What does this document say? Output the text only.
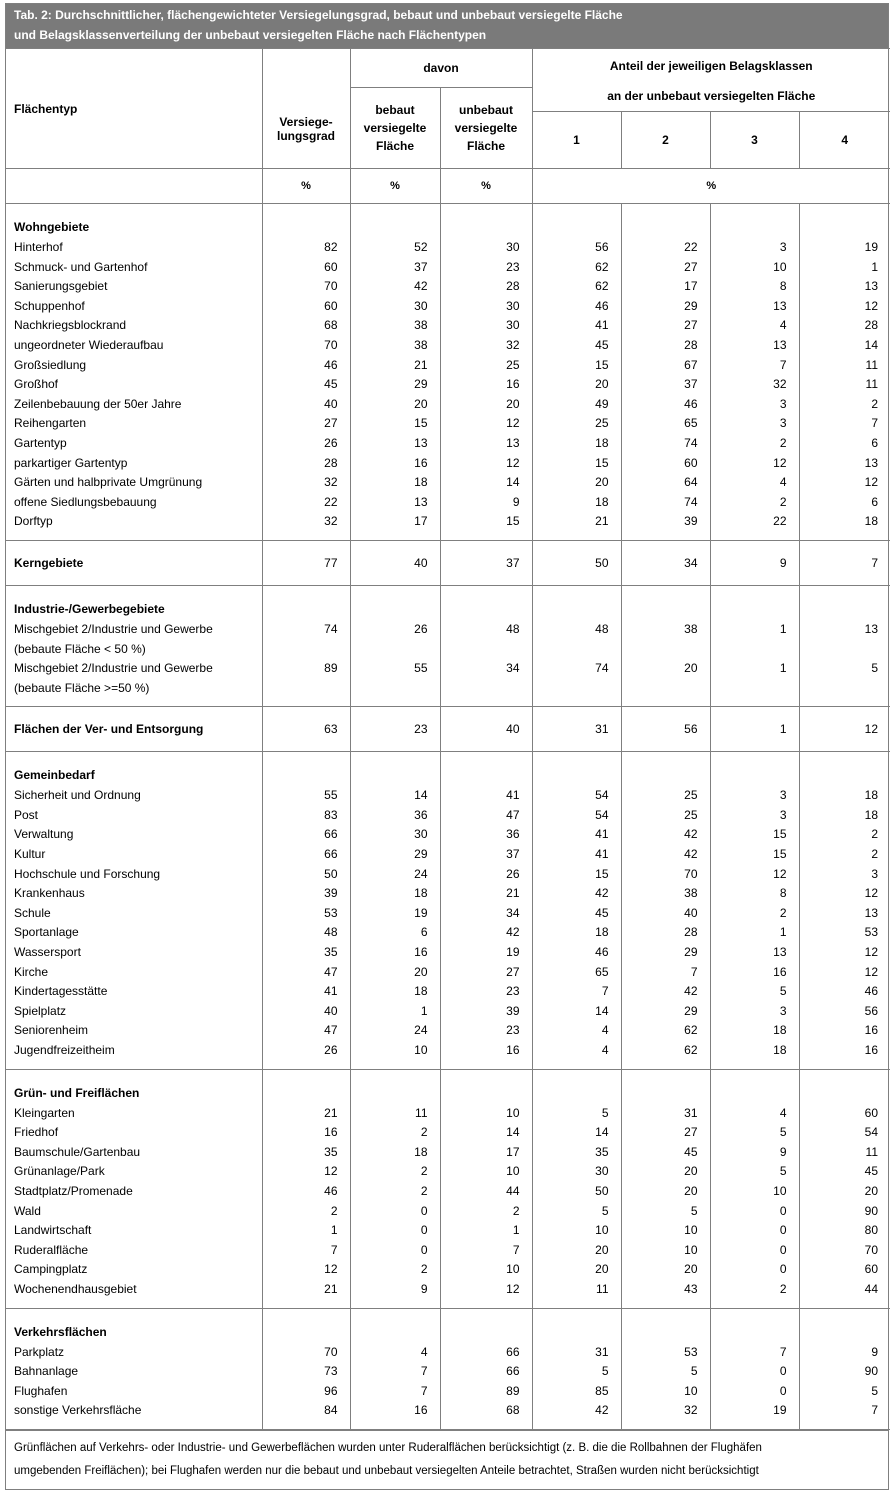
Tab. 2: Durchschnittlicher, flächengewichteter Versiegelungsgrad, bebaut und unbebaut versiegelte Fläche
und Belagsklassenverteilung der unbebaut versiegelten Fläche nach Flächentypen
Flächentyp	Versiege- lungsgrad	davon		Anteil der jeweiligen Belagsklassen
an der unbebaut versiegelten Fläche			

		bebaut versiegelte Fläche	unbebaut versiegelte Fläche				
				1	2	3	4
	%	%	%	%			

Wohngebiete							
Hinterhof	82	52	30	56	22	3	19
Schmuck- und Gartenhof	60	37	23	62	27	10	1
Sanierungsgebiet	70	42	28	62	17	8	13
Schuppenhof	60	30	30	46	29	13	12
Nachkriegsblockrand	68	38	30	41	27	4	28
ungeordneter Wiederaufbau	70	38	32	45	28	13	14
Großsiedlung	46	21	25	15	67	7	11
Großhof	45	29	16	20	37	32	11
Zeilenbebauung der 50er Jahre	40	20	20	49	46	3	2
Reihengarten	27	15	12	25	65	3	7
Gartentyp	26	13	13	18	74	2	6
parkartiger Gartentyp	28	16	12	15	60	12	13
Gärten und halbprivate Umgrünung	32	18	14	20	64	4	12
offene Siedlungsbebauung	22	13	9	18	74	2	6
Dorftyp	32	17	15	21	39	22	18

Kerngebiete	77	40	37	50	34	9	7

Industrie-/Gewerbegebiete							
Mischgebiet 2/Industrie und Gewerbe	74	26	48	48	38	1	13
(bebaute Fläche < 50 %)							
Mischgebiet 2/Industrie und Gewerbe	89	55	34	74	20	1	5
(bebaute Fläche >=50 %)							

Flächen der Ver- und Entsorgung	63	23	40	31	56	1	12

Gemeinbedarf							
Sicherheit und Ordnung	55	14	41	54	25	3	18
Post	83	36	47	54	25	3	18
Verwaltung	66	30	36	41	42	15	2
Kultur	66	29	37	41	42	15	2
Hochschule und Forschung	50	24	26	15	70	12	3
Krankenhaus	39	18	21	42	38	8	12
Schule	53	19	34	45	40	2	13
Sportanlage	48	6	42	18	28	1	53
Wassersport	35	16	19	46	29	13	12
Kirche	47	20	27	65	7	16	12
Kindertagesstätte	41	18	23	7	42	5	46
Spielplatz	40	1	39	14	29	3	56
Seniorenheim	47	24	23	4	62	18	16
Jugendfreizeitheim	26	10	16	4	62	18	16

Grün- und Freiflächen							
Kleingarten	21	11	10	5	31	4	60
Friedhof	16	2	14	14	27	5	54
Baumschule/Gartenbau	35	18	17	35	45	9	11
Grünanlage/Park	12	2	10	30	20	5	45
Stadtplatz/Promenade	46	2	44	50	20	10	20
Wald	2	0	2	5	5	0	90
Landwirtschaft	1	0	1	10	10	0	80
Ruderalfläche	7	0	7	20	10	0	70
Campingplatz	12	2	10	20	20	0	60
Wochenendhausgebiet	21	9	12	11	43	2	44

Verkehrsflächen							
Parkplatz	70	4	66	31	53	7	9
Bahnanlage	73	7	66	5	5	0	90
Flughafen	96	7	89	85	10	0	5
sonstige Verkehrsfläche	84	16	68	42	32	19	7

Grünflächen auf Verkehrs- oder Industrie- und Gewerbeflächen wurden unter Ruderalflächen berücksichtigt (z. B. die die Rollbahnen der Flughäfen
umgebenden Freiflächen); bei Flughafen werden nur die bebaut und unbebaut versiegelten Anteile betrachtet, Straßen wurden nicht berücksichtigt
